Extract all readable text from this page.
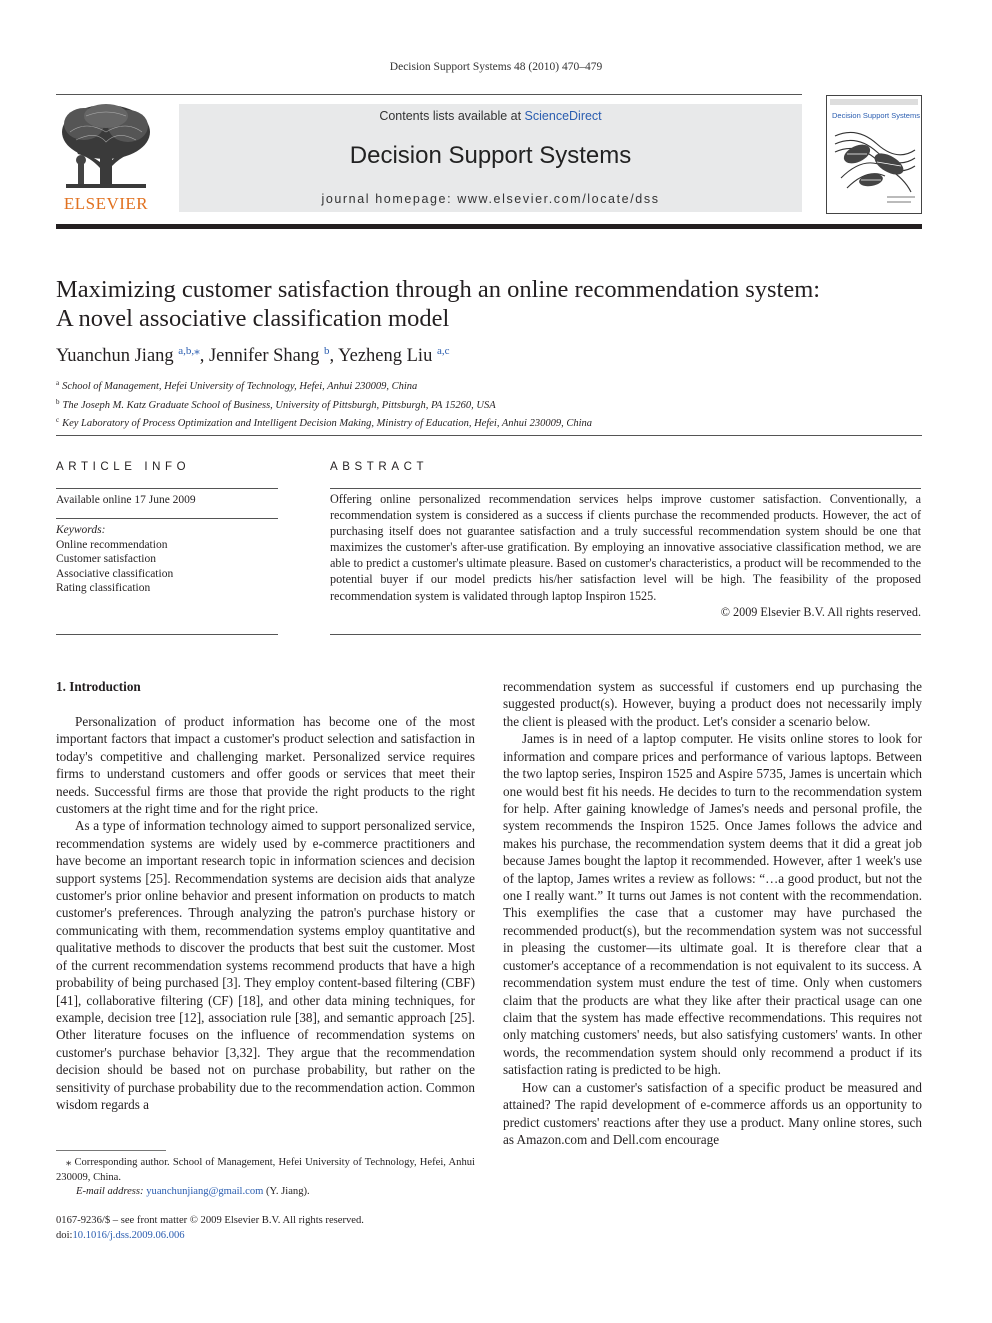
Decision Support Systems 48 (2010) 470–479
ELSEVIER
Contents lists available at ScienceDirect
Decision Support Systems
journal homepage: www.elsevier.com/locate/dss
Decision Support Systems
Maximizing customer satisfaction through an online recommendation system:
A novel associative classification model
Yuanchun Jiang $^{a,b,⁎}$, Jennifer Shang $^b$, Yezheng Liu $^{a,c}$
$^a$ School of Management, Hefei University of Technology, Hefei, Anhui 230009, China
$^b$ The Joseph M. Katz Graduate School of Business, University of Pittsburgh, Pittsburgh, PA 15260, USA
$^c$ Key Laboratory of Process Optimization and Intelligent Decision Making, Ministry of Education, Hefei, Anhui 230009, China
ARTICLE INFO
Available online 17 June 2009
Keywords:
Online recommendation
Customer satisfaction
Associative classification
Rating classification
ABSTRACT
Offering online personalized recommendation services helps improve customer satisfaction. Conventionally, a recommendation system is considered as a success if clients purchase the recommended products. However, the act of purchasing itself does not guarantee satisfaction and a truly successful recommendation system should be one that maximizes the customer's after-use gratification. By employing an innovative associative classification method, we are able to predict a customer's ultimate pleasure. Based on customer's characteristics, a product will be recommended to the potential buyer if our model predicts his/her satisfaction level will be high. The feasibility of the proposed recommendation system is validated through laptop Inspiron 1525.
© 2009 Elsevier B.V. All rights reserved.

1. Introduction

Personalization of product information has become one of the most important factors that impact a customer's product selection and satisfaction in today's competitive and challenging market. Personalized service requires firms to understand customers and offer goods or services that meet their needs. Successful firms are those that provide the right products to the right customers at the right time and for the right price.

As a type of information technology aimed to support personalized service, recommendation systems are widely used by e-commerce practitioners and have become an important research topic in information sciences and decision support systems [25]. Recommendation systems are decision aids that analyze customer's prior online behavior and present information on products to match customer's preferences. Through analyzing the patron's purchase history or communicating with them, recommendation systems employ quantitative and qualitative methods to discover the products that best suit the customer. Most of the current recommendation systems recommend products that have a high probability of being purchased [3]. They employ content-based filtering (CBF) [41], collaborative filtering (CF) [18], and other data mining techniques, for example, decision tree [12], association rule [38], and semantic approach [25]. Other literature focuses on the influence of recommendation systems on customer's purchase behavior [3,32]. They argue that the recommendation decision should be based not on purchase probability, but rather on the sensitivity of purchase probability due to the recommendation action. Common wisdom regards a

recommendation system as successful if customers end up purchasing the suggested product(s). However, buying a product does not necessarily imply the client is pleased with the product. Let's consider a scenario below.

James is in need of a laptop computer. He visits online stores to look for information and compare prices and performance of various laptops. Between the two laptop series, Inspiron 1525 and Aspire 5735, James is uncertain which one would best fit his needs. He decides to turn to the recommendation system for help. After gaining knowledge of James's needs and personal profile, the system recommends the Inspiron 1525. Once James follows the advice and makes his purchase, the recommendation system deems that it did a great job because James bought the laptop it recommended. However, after 1 week's use of the laptop, James writes a review as follows: “…a good product, but not the one I really want.” It turns out James is not content with the recommendation. This exemplifies the case that a customer may have purchased the recommended product(s), but the recommendation system was not successful in pleasing the customer—its ultimate goal. It is therefore clear that a customer's acceptance of a recommendation is not equivalent to its success. A recommendation system must endure the test of time. Only when customers claim that the products are what they like after their practical usage can one claim that the system has made effective recommendations. This requires not only matching customers' needs, but also satisfying customers' wants. In other words, the recommendation system should only recommend a product if its satisfaction rating is predicted to be high.

How can a customer's satisfaction of a specific product be measured and attained? The rapid development of e-commerce affords us an opportunity to predict customers' reactions after they use a product. Many online stores, such as Amazon.com and Dell.com encourage

⁎ Corresponding author. School of Management, Hefei University of Technology, Hefei, Anhui 230009, China.
E-mail address: yuanchunjiang@gmail.com (Y. Jiang).
0167-9236/$ – see front matter © 2009 Elsevier B.V. All rights reserved.
doi:10.1016/j.dss.2009.06.006
